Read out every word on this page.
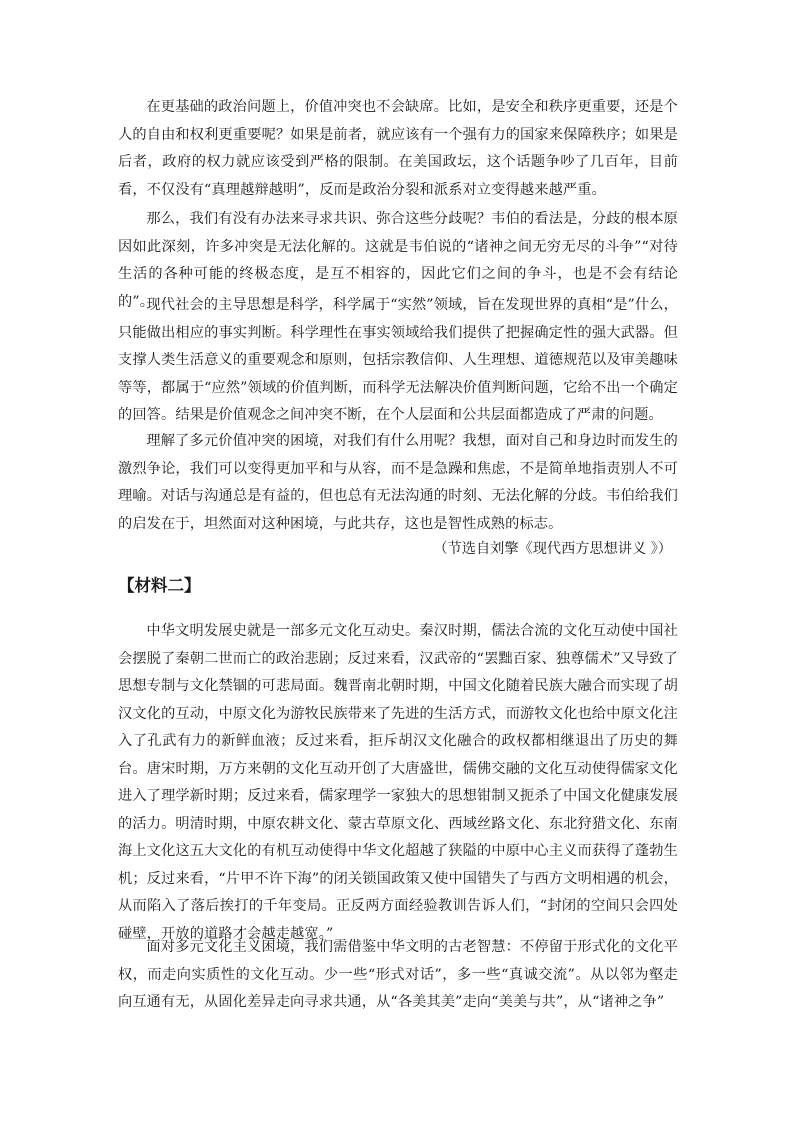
在更基础的政治问题上，价值冲突也不会缺席。比如，是安全和秩序更重要，还是个人的自由和权利更重要呢？如果是前者，就应该有一个强有力的国家来保障秩序；如果是后者，政府的权力就应该受到严格的限制。在美国政坛，这个话题争吵了几百年，目前看，不仅没有“真理越辩越明”，反而是政治分裂和派系对立变得越来越严重。

那么，我们有没有办法来寻求共识、弥合这些分歧呢？韦伯的看法是，分歧的根本原因如此深刻，许多冲突是无法化解的。这就是韦伯说的“诸神之间无穷无尽的斗争”“对待生活的各种可能的终极态度，是互不相容的，因此它们之间的争斗，也是不会有结论的”。

现代社会的主导思想是科学，科学属于“实然”领域，旨在发现世界的真相“是”什么，只能做出相应的事实判断。科学理性在事实领域给我们提供了把握确定性的强大武器。但支撑人类生活意义的重要观念和原则，包括宗教信仰、人生理想、道德规范以及审美趣味等等，都属于“应然”领域的价值判断，而科学无法解决价值判断问题，它给不出一个确定的回答。结果是价值观念之间冲突不断，在个人层面和公共层面都造成了严肃的问题。

理解了多元价值冲突的困境，对我们有什么用呢？我想，面对自己和身边时而发生的激烈争论，我们可以变得更加平和与从容，而不是急躁和焦虑，不是简单地指责别人不可理喻。对话与沟通总是有益的，但也总有无法沟通的时刻、无法化解的分歧。韦伯给我们的启发在于，坦然面对这种困境，与此共存，这也是智性成熟的标志。

（节选自刘擎《现代西方思想讲义 》）

【材料二】

中华文明发展史就是一部多元文化互动史。秦汉时期，儒法合流的文化互动使中国社会摆脱了秦朝二世而亡的政治悲剧；反过来看，汉武帝的“罢黜百家、独尊儒术”又导致了思想专制与文化禁锢的可悲局面。魏晋南北朝时期，中国文化随着民族大融合而实现了胡汉文化的互动，中原文化为游牧民族带来了先进的生活方式，而游牧文化也给中原文化注入了孔武有力的新鲜血液；反过来看，拒斥胡汉文化融合的政权都相继退出了历史的舞台。唐宋时期，万方来朝的文化互动开创了大唐盛世，儒佛交融的文化互动使得儒家文化进入了理学新时期；反过来看，儒家理学一家独大的思想钳制又扼杀了中国文化健康发展的活力。明清时期，中原农耕文化、蒙古草原文化、西域丝路文化、东北狩猎文化、东南海上文化这五大文化的有机互动使得中华文化超越了狭隘的中原中心主义而获得了蓬勃生机；反过来看，“片甲不许下海”的闭关锁国政策又使中国错失了与西方文明相遇的机会，从而陷入了落后挨打的千年变局。正反两方面经验教训告诉人们，“封闭的空间只会四处碰壁，开放的道路才会越走越宽。”

面对多元文化主义困境，我们需借鉴中华文明的古老智慧：不停留于形式化的文化平权，而走向实质性的文化互动。少一些“形式对话”，多一些“真诚交流”。从以邻为壑走向互通有无，从固化差异走向寻求共通，从“各美其美”走向“美美与共”，从“诸神之争”
